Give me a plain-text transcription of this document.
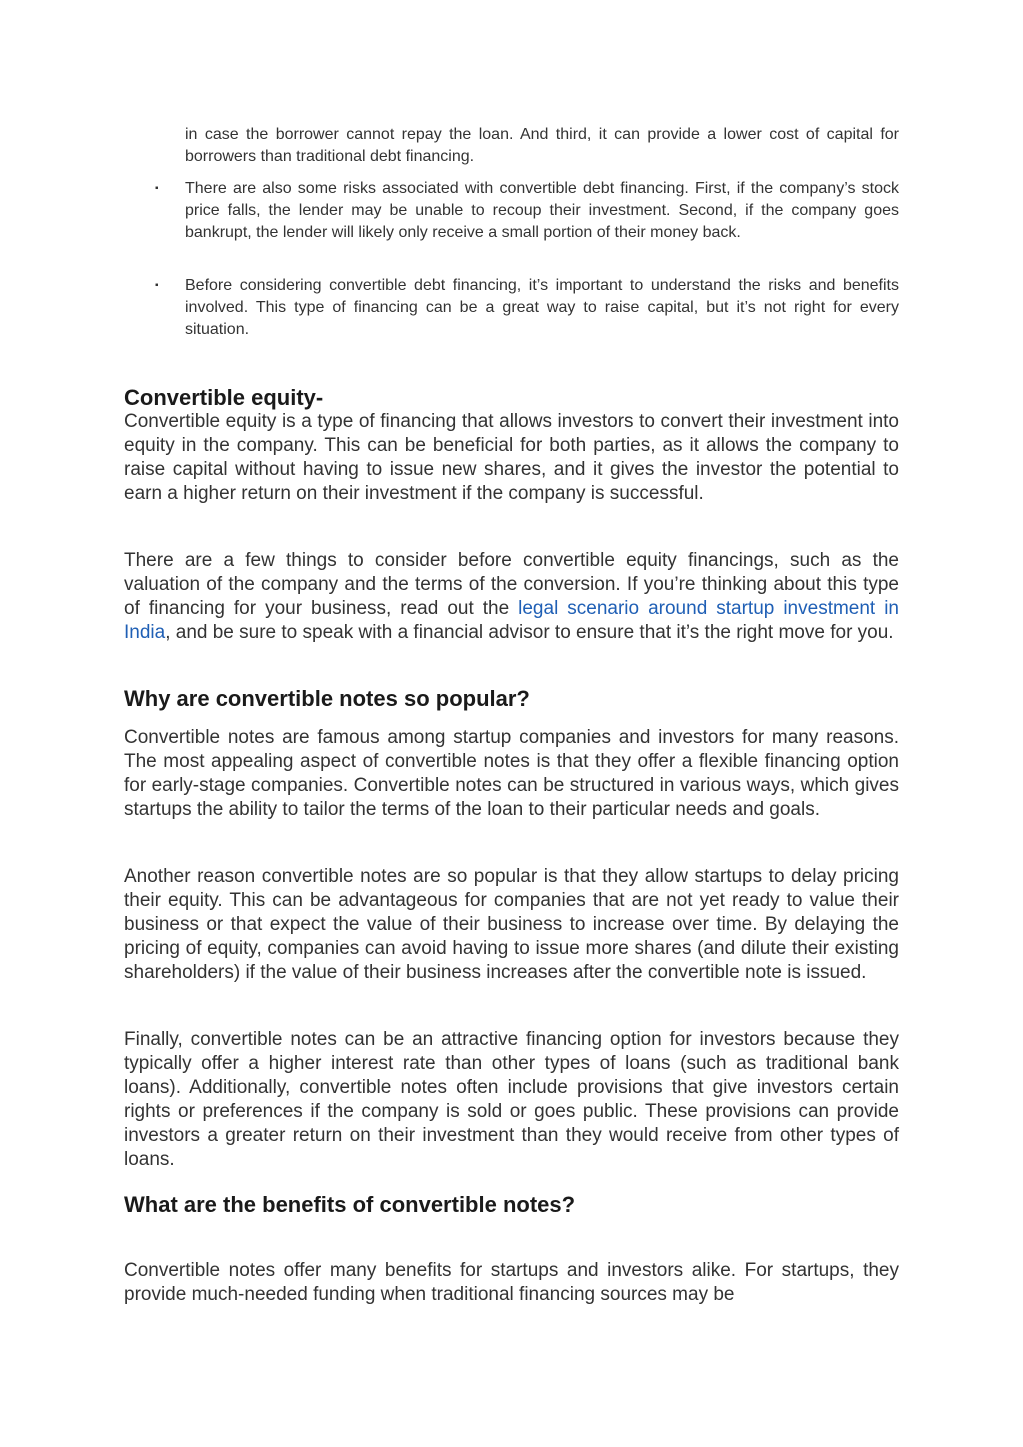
in case the borrower cannot repay the loan. And third, it can provide a lower cost of capital for borrowers than traditional debt financing.

▪ There are also some risks associated with convertible debt financing. First, if the company’s stock price falls, the lender may be unable to recoup their investment. Second, if the company goes bankrupt, the lender will likely only receive a small portion of their money back.

▪ Before considering convertible debt financing, it’s important to understand the risks and benefits involved. This type of financing can be a great way to raise capital, but it’s not right for every situation.

Convertible equity-

Convertible equity is a type of financing that allows investors to convert their investment into equity in the company. This can be beneficial for both parties, as it allows the company to raise capital without having to issue new shares, and it gives the investor the potential to earn a higher return on their investment if the company is successful.

There are a few things to consider before convertible equity financings, such as the valuation of the company and the terms of the conversion. If you’re thinking about this type of financing for your business, read out the legal scenario around startup investment in India, and be sure to speak with a financial advisor to ensure that it’s the right move for you.

Why are convertible notes so popular?

Convertible notes are famous among startup companies and investors for many reasons. The most appealing aspect of convertible notes is that they offer a flexible financing option for early-stage companies. Convertible notes can be structured in various ways, which gives startups the ability to tailor the terms of the loan to their particular needs and goals.

Another reason convertible notes are so popular is that they allow startups to delay pricing their equity. This can be advantageous for companies that are not yet ready to value their business or that expect the value of their business to increase over time. By delaying the pricing of equity, companies can avoid having to issue more shares (and dilute their existing shareholders) if the value of their business increases after the convertible note is issued.

Finally, convertible notes can be an attractive financing option for investors because they typically offer a higher interest rate than other types of loans (such as traditional bank loans). Additionally, convertible notes often include provisions that give investors certain rights or preferences if the company is sold or goes public. These provisions can provide investors a greater return on their investment than they would receive from other types of loans.

What are the benefits of convertible notes?

Convertible notes offer many benefits for startups and investors alike. For startups, they provide much-needed funding when traditional financing sources may be
